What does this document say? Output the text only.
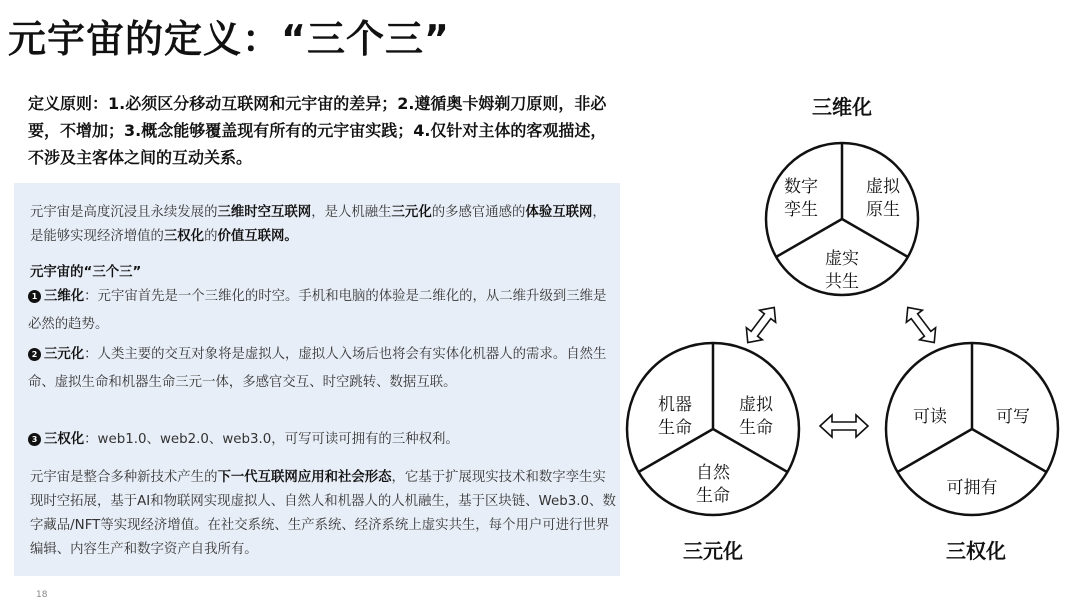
元宇宙的定义：“三个三”
定义原则：1.必须区分移动互联网和元宇宙的差异；2.遵循奥卡姆剃刀原则，非必要，不增加；3.概念能够覆盖现有所有的元宇宙实践；4.仅针对主体的客观描述，不涉及主客体之间的互动关系。
元宇宙是高度沉浸且永续发展的三维时空互联网，是人机融生三元化的多感官通感的体验互联网，是能够实现经济增值的三权化的价值互联网。
元宇宙的“三个三”
1 三维化：元宇宙首先是一个三维化的时空。手机和电脑的体验是二维化的，从二维升级到三维是必然的趋势。
2 三元化：人类主要的交互对象将是虚拟人，虚拟人入场后也将会有实体化机器人的需求。自然生命、虚拟生命和机器生命三元一体，多感官交互、时空跳转、数据互联。
3 三权化：web1.0、web2.0、web3.0，可写可读可拥有的三种权利。
元宇宙是整合多种新技术产生的下一代互联网应用和社会形态，它基于扩展现实技术和数字孪生实现时空拓展，基于AI和物联网实现虚拟人、自然人和机器人的人机融生，基于区块链、Web3.0、数字藏品/NFT等实现经济增值。在社交系统、生产系统、经济系统上虚实共生，每个用户可进行世界编辑、内容生产和数字资产自我所有。
18
三维化
数字孪生
虚拟原生
虚实共生
机器生命
虚拟生命
自然生命
三元化
可读	可写
可拥有
三权化
